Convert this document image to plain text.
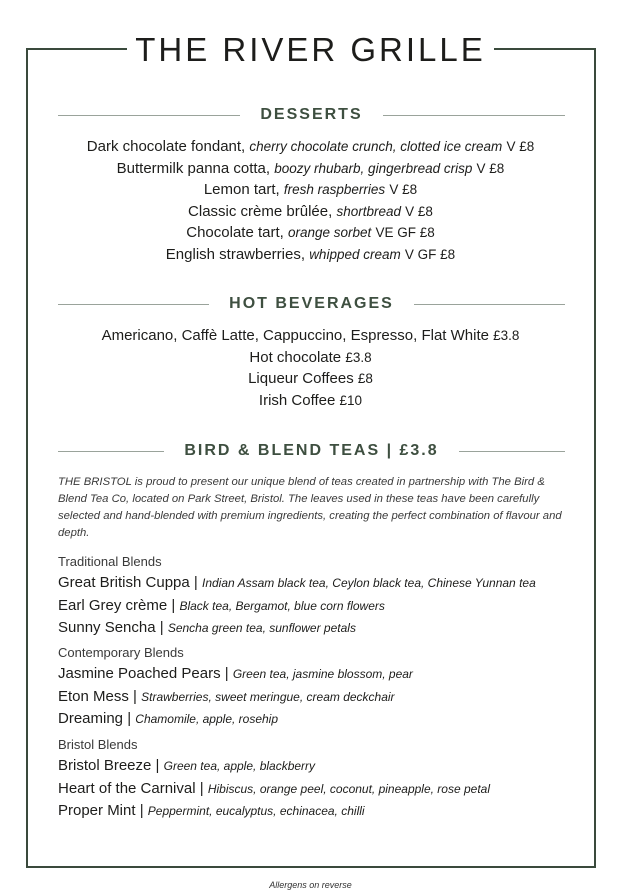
THE RIVER GRILLE
DESSERTS
Dark chocolate fondant, cherry chocolate crunch, clotted ice cream V £8
Buttermilk panna cotta, boozy rhubarb, gingerbread crisp V £8
Lemon tart, fresh raspberries V £8
Classic crème brûlée, shortbread V £8
Chocolate tart, orange sorbet VE GF £8
English strawberries, whipped cream V GF £8
HOT BEVERAGES
Americano, Caffè Latte, Cappuccino, Espresso, Flat White £3.8
Hot chocolate £3.8
Liqueur Coffees £8
Irish Coffee £10
BIRD & BLEND TEAS | £3.8

THE BRISTOL is proud to present our unique blend of teas created in partnership with The Bird & Blend Tea Co, located on Park Street, Bristol. The leaves used in these teas have been carefully selected and hand-blended with premium ingredients, creating the perfect combination of flavour and depth.

Traditional Blends
Great British Cuppa | Indian Assam black tea, Ceylon black tea, Chinese Yunnan tea
Earl Grey crème | Black tea, Bergamot, blue corn flowers
Sunny Sencha | Sencha green tea, sunflower petals
Contemporary Blends
Jasmine Poached Pears | Green tea, jasmine blossom, pear
Eton Mess | Strawberries, sweet meringue, cream deckchair
Dreaming | Chamomile, apple, rosehip
Bristol Blends
Bristol Breeze | Green tea, apple, blackberry
Heart of the Carnival | Hibiscus, orange peel, coconut, pineapple, rose petal
Proper Mint | Peppermint, eucalyptus, echinacea, chilli
Allergens on reverse
